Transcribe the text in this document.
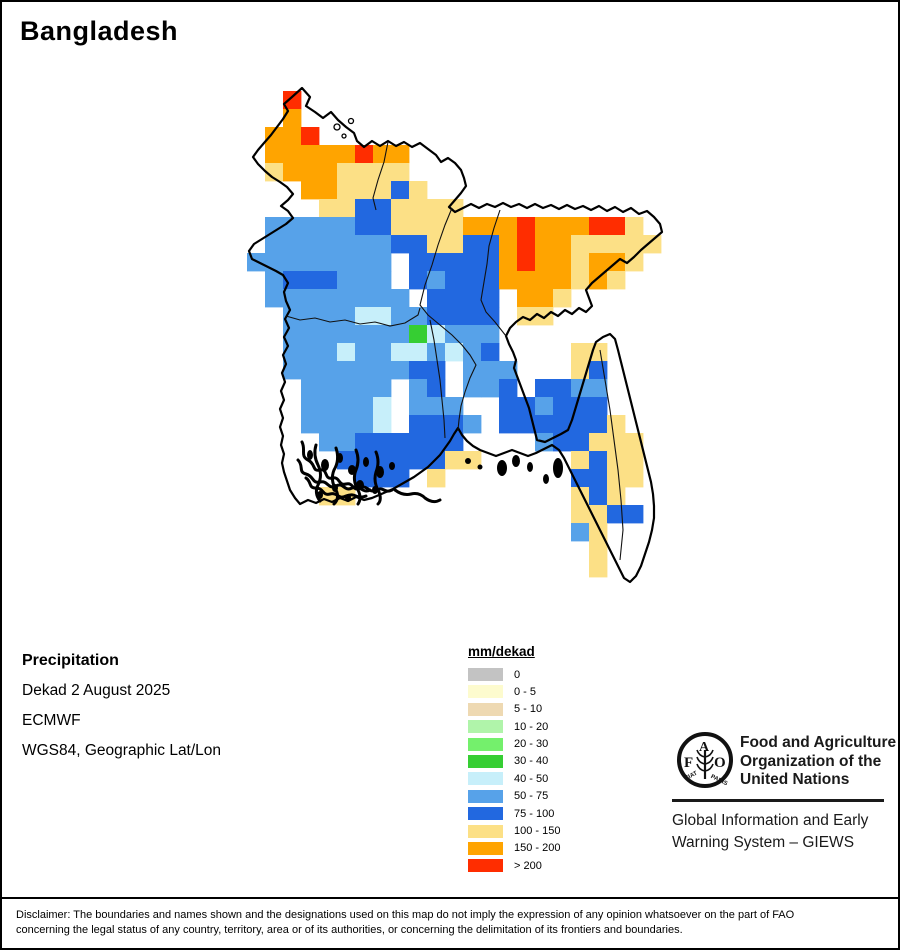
Bangladesh
Precipitation
Dekad 2 August 2025
ECMWF
WGS84, Geographic Lat/Lon
mm/dekad
0
0 - 5
5 - 10
10 - 20
20 - 30
30 - 40
40 - 50
50 - 75
75 - 100
100 - 150
150 - 200
> 200
F
A
O
FIAT PANIS
Food and Agriculture
Organization of the
United Nations
Global Information and Early
Warning System – GIEWS
Disclaimer: The boundaries and names shown and the designations used on this map do not imply the expression of any opinion whatsoever on the part of FAO
concerning the legal status of any country, territory, area or of its authorities, or concerning the delimitation of its frontiers and boundaries.
